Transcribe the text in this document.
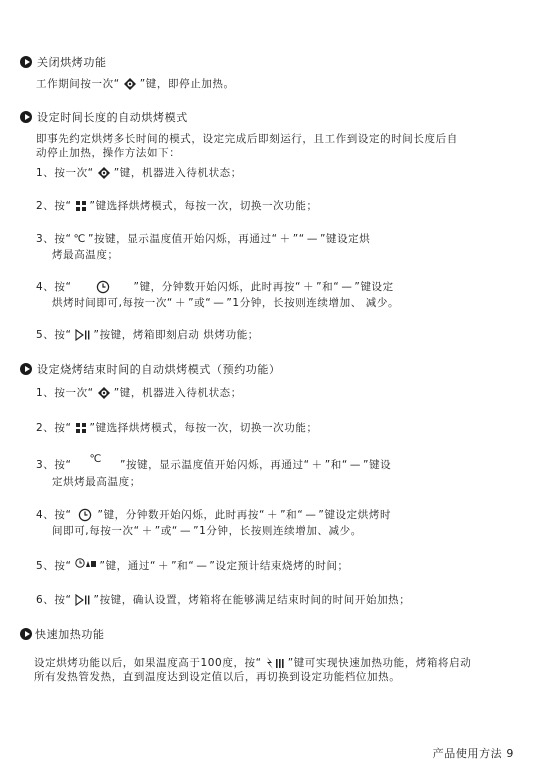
关闭烘烤功能
工作期间按一次“ ”键，即停止加热。
设定时间长度的自动烘烤模式
即事先约定烘烤多长时间的模式，设定完成后即刻运行，且工作到设定的时间长度后自
动停止加热，操作方法如下：
1、按一次“ ”键，机器进入待机状态；
2、按“ ”键选择烘烤模式，每按一次，切换一次功能；
3、按“ ℃ ”按键，显示温度值开始闪烁，再通过“ ＋ ”“ — ”键设定烘
烤最高温度；
4、按“	”键，分钟数开始闪烁，此时再按“ ＋ ”和“ — ”键设定
烘烤时间即可,每按一次“ ＋ ”或“ — ”1分钟，长按则连续增加、 减少。
5、按“ ”按键，烤箱即刻启动 烘烤功能；
设定烧烤结束时间的自动烘烤模式（预约功能）
1、按一次“ ”键，机器进入待机状态；
2、按“ ”键选择烘烤模式，每按一次，切换一次功能；
3、按“ ℃ ”按键，显示温度值开始闪烁，再通过“ ＋ ”和“ — ”键设
定烘烤最高温度；
4、按“ ”键，分钟数开始闪烁，此时再按“ ＋ ”和“ — ”键设定烘烤时
间即可,每按一次“ ＋ ”或“ — ”1分钟，长按则连续增加、减少。
5、按“	”键，通过“ ＋ ”和“ — ”设定预计结束烧烤的时间；
6、按“ ”按键，确认设置，烤箱将在能够满足结束时间的时间开始加热；
快速加热功能
设定烘烤功能以后，如果温度高于100度，按“ ”键可实现快速加热功能，烤箱将启动
所有发热管发热，直到温度达到设定值以后，再切换到设定功能档位加热。
产品使用方法 9
